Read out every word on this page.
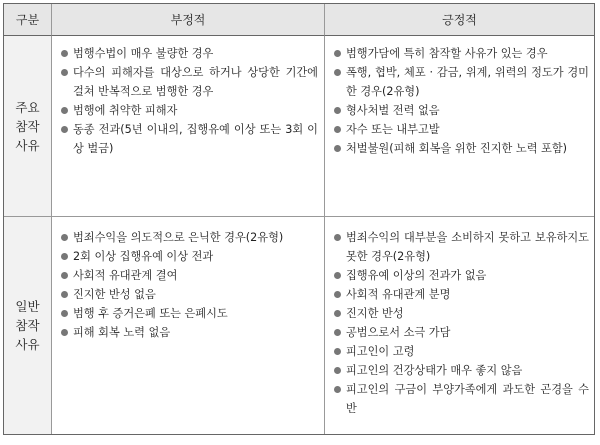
구분	부정적	긍정적
주요
참작
사유
일반
참작
사유
범행수법이 매우 불량한 경우
다수의 피해자를 대상으로 하거나 상당한 기간에 걸쳐 반복적으로 범행한 경우
범행에 취약한 피해자
동종 전과(5년 이내의, 집행유예 이상 또는 3회 이상 벌금)
범행가담에 특히 참작할 사유가 있는 경우
폭행, 협박, 체포 · 감금, 위계, 위력의 정도가 경미한 경우(2유형)
형사처벌 전력 없음
자수 또는 내부고발
처벌불원(피해 회복을 위한 진지한 노력 포함)
범죄수익을 의도적으로 은닉한 경우(2유형)
2회 이상 집행유예 이상 전과
사회적 유대관계 결여
진지한 반성 없음
범행 후 증거은폐 또는 은폐시도
피해 회복 노력 없음
범죄수익의 대부분을 소비하지 못하고 보유하지도 못한 경우(2유형)
집행유예 이상의 전과가 없음
사회적 유대관계 분명
진지한 반성
공범으로서 소극 가담
피고인이 고령
피고인의 건강상태가 매우 좋지 않음
피고인의 구금이 부양가족에게 과도한 곤경을 수반
